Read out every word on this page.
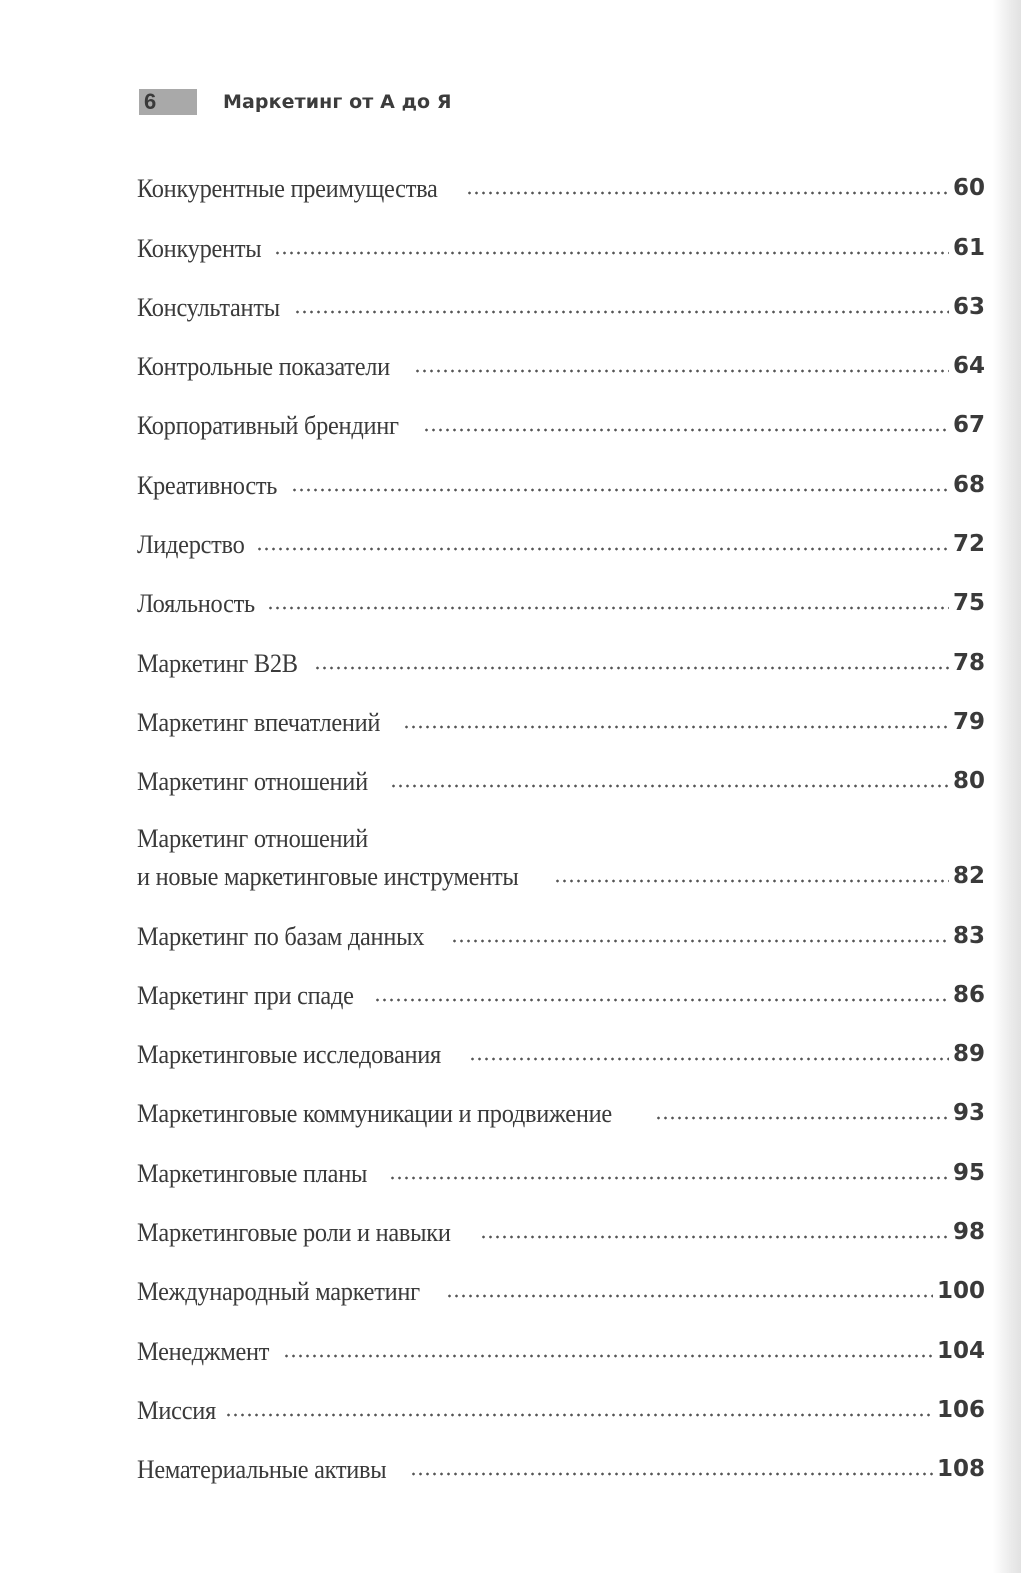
6	Маркетинг от А до Я
Конкурентные преимущества	60
Конкуренты	61
Консультанты	63
Контрольные показатели	64
Корпоративный брендинг	67
Креативность	68
Лидерство	72
Лояльность	75
Маркетинг B2B	78
Маркетинг впечатлений	79
Маркетинг отношений	80
Маркетинг отношений
и новые маркетинговые инструменты	82
Маркетинг по базам данных	83
Маркетинг при спаде	86
Маркетинговые исследования	89
Маркетинговые коммуникации и продвижение	93
Маркетинговые планы	95
Маркетинговые роли и навыки	98
Международный маркетинг	100
Менеджмент	104
Миссия	106
Нематериальные активы	108
